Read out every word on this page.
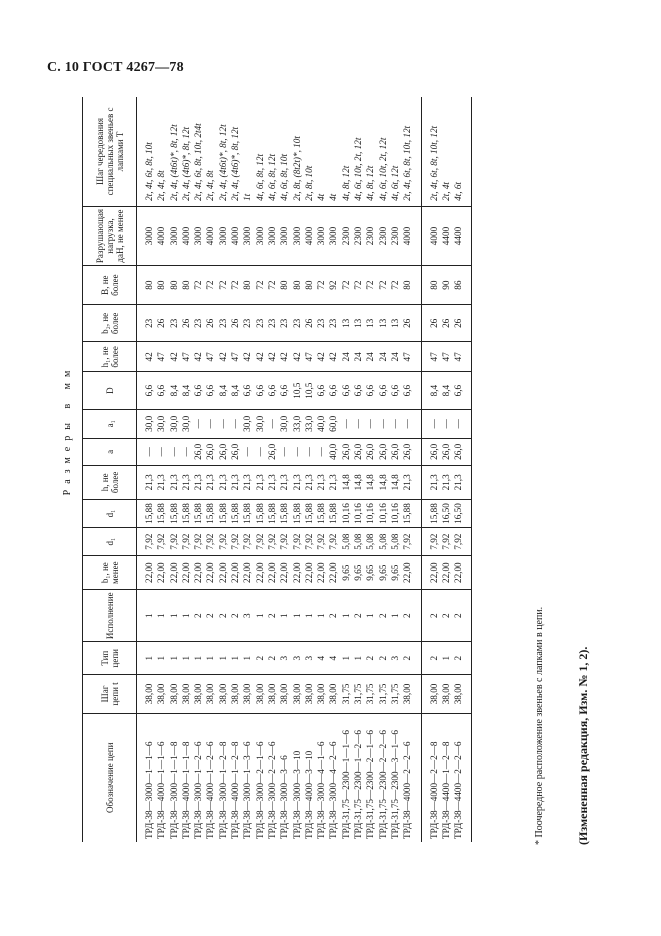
С. 10 ГОСТ 4267—78
Размеры в мм
Обозначение цепи	Шаг цепи t	Тип цепи	Исполнение	b₁, не менее	d₁	d₁	h, не более	a	a₁	D	h₁, не более	b₂, не более	B, не более	Разрушающая нагрузка, даН, не менее	Шаг чередования специальных звеньев с лапками T

ТРД-38—3000—1—1—6	38,00	1	1	22,00	7,92	15,88	21,3	—	30,0	6,6	42	23	80	3000	2t, 4t, 6t, 8t, 10t
ТРД-38—4000—1—1—6	38,00	1	1	22,00	7,92	15,88	21,3	—	30,0	6,6	47	26	80	4000	2t, 4t, 8t
ТРД-38—3000—1—1—8	38,00	1	1	22,00	7,92	15,88	21,3	—	30,0	8,4	42	23	80	3000	2t, 4t, (4t6t)*, 8t, 12t
ТРД-38—4000—1—1—8	38,00	1	1	22,00	7,92	15,88	21,3	—	30,0	8,4	47	26	80	4000	2t, 4t, (4t6)*, 8t, 12t
ТРД-38—3000—1—2—6	38,00	1	2	22,00	7,92	15,88	21,3	26,0	—	6,6	42	23	72	3000	2t, 4t, 6t, 8t, 10t, 2t4t
ТРД-38—4000—1—2—6	38,00	1	2	22,00	7,92	15,88	21,3	26,0	—	6,6	47	26	72	4000	2t, 4t, 8t
ТРД-38—3000—1—2—8	38,00	1	2	22,00	7,92	15,88	21,3	26,0	—	8,4	42	23	72	3000	2t, 4t, (4t6t)*, 8t, 12t
ТРД-38—4000—1—2—8	38,00	1	2	22,00	7,92	15,88	21,3	26,0	—	8,4	47	26	72	4000	2t, 4t, (4t6)*, 8t, 12t
ТРД-38—3000—1—3—6	38,00	1	3	22,00	7,92	15,88	21,3	—	30,0	6,6	42	23	80	3000	1t
ТРД-38—3000—2—1—6	38,00	2	1	22,00	7,92	15,88	21,3	—	30,0	6,6	42	23	72	3000	4t, 6t, 8t, 12t
ТРД-38—3000—2—2—6	38,00	2	2	22,00	7,92	15,88	21,3	26,0	—	6,6	42	23	72	3000	4t, 6t, 8t, 12t
ТРД-38—3000—3—6	38,00	3	1	22,00	7,92	15,88	21,3	—	30,0	6,6	42	23	80	3000	4t, 6t, 8t, 10t
ТРД-38—3000—3—10	38,00	3	1	22,00	7,92	15,88	21,3	—	33,0	10,5	42	23	80	3000	2t, 8t, (8t2t)*, 10t
ТРД-38—4000—3—10	38,00	3	1	22,00	7,92	15,88	21,3	—	33,0	10,5	47	26	80	4000	2t, 8t, 10t
ТРД-38—3000—4—1—6	38,00	4	1	22,00	7,92	15,88	21,3	—	40,0	6,6	42	23	72	3000	4t
ТРД-38—3000—4—2—6	38,00	4	2	22,00	7,92	15,88	21,3	40,0	60,0	6,6	42	23	92	3000	4t
ТРД-31,75—2300—1—1—6	31,75	1	1	9,65	5,08	10,16	14,8	26,0	—	6,6	24	13	72	2300	4t, 8t, 12t
ТРД-31,75—2300—1—2—6	31,75	1	2	9,65	5,08	10,16	14,8	26,0	—	6,6	24	13	72	2300	4t, 6t, 10t, 2t, 12t
ТРД-31,75—2300—2—1—6	31,75	2	1	9,65	5,08	10,16	14,8	26,0	—	6,6	24	13	72	2300	4t, 8t, 12t
ТРД-31,75—2300—2—2—6	31,75	2	2	9,65	5,08	10,16	14,8	26,0	—	6,6	24	13	72	2300	4t, 6t, 10t, 2t, 12t
ТРД-31,75—2300—3—1—6	31,75	3	1	9,65	5,08	10,16	14,8	26,0	—	6,6	24	13	72	2300	4t, 6t, 12t
ТРД-38—4000—2—2—6	38,00	2	2	22,00	7,92	15,88	21,3	26,0	—	6,6	47	26	80	4000	2t, 4t, 6t, 8t, 10t, 12t

ТРД-38—4000—2—2—8	38,00	2	2	22,00	7,92	15,88	21,3	26,0	—	8,4	47	26	80	4000	2t, 4t, 6t, 8t, 10t, 12t
ТРД-38—4400—1—2—8	38,00	1	2	22,00	7,92	16,50	21,3	26,0	—	8,4	47	26	90	4400	2t, 4t
ТРД-38—4400—2—2—6	38,00	2	2	22,00	7,92	16,50	21,3	26,0	—	6,6	47	26	86	4400	4t, 6t

* Поочередное расположение звеньев с лапками в цепи.	(Измененная редакция, Изм. № 1, 2).
